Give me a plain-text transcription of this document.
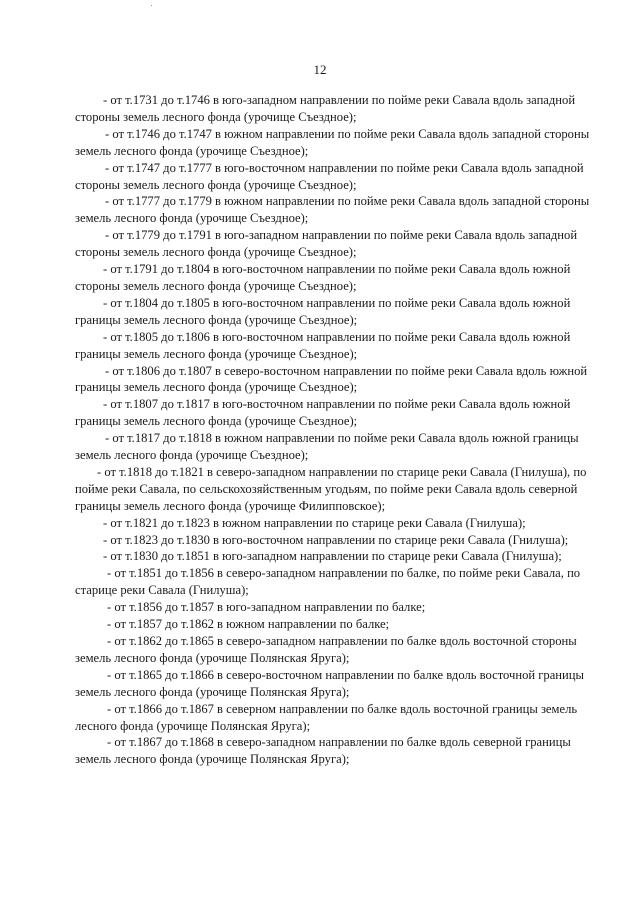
12

- от т.1731 до т.1746 в юго-западном направлении по пойме реки Савала вдоль западной стороны земель лесного фонда (урочище Съездное);

- от т.1746 до т.1747 в южном направлении по пойме реки Савала вдоль западной стороны земель лесного фонда (урочище Съездное);

- от т.1747 до т.1777 в юго-восточном направлении по пойме реки Савала вдоль западной стороны земель лесного фонда (урочище Съездное);

- от т.1777 до т.1779 в южном направлении по пойме реки Савала вдоль западной стороны земель лесного фонда (урочище Съездное);

- от т.1779 до т.1791 в юго-западном направлении по пойме реки Савала вдоль западной стороны земель лесного фонда (урочище Съездное);

- от т.1791 до т.1804 в юго-восточном направлении по пойме реки Савала вдоль южной стороны земель лесного фонда (урочище Съездное);

- от т.1804 до т.1805 в юго-восточном направлении по пойме реки Савала вдоль южной границы земель лесного фонда (урочище Съездное);

- от т.1805 до т.1806 в юго-восточном направлении по пойме реки Савала вдоль южной границы земель лесного фонда (урочище Съездное);

- от т.1806 до т.1807 в северо-восточном направлении по пойме реки Савала вдоль южной границы земель лесного фонда (урочище Съездное);

- от т.1807 до т.1817 в юго-восточном направлении по пойме реки Савала вдоль южной границы земель лесного фонда (урочище Съездное);

- от т.1817 до т.1818 в южном направлении по пойме реки Савала вдоль южной границы земель лесного фонда (урочище Съездное);

- от т.1818 до т.1821 в северо-западном направлении по старице реки Савала (Гнилуша), по пойме реки Савала, по сельскохозяйственным угодьям, по пойме реки Савала вдоль северной границы земель лесного фонда (урочище Филипповское);

- от т.1821 до т.1823 в южном направлении по старице реки Савала (Гнилуша);

- от т.1823 до т.1830 в юго-восточном направлении по старице реки Савала (Гнилуша);

- от т.1830 до т.1851 в юго-западном направлении по старице реки Савала (Гнилуша);

- от т.1851 до т.1856 в северо-западном направлении по балке, по пойме реки Савала, по старице реки Савала (Гнилуша);

- от т.1856 до т.1857 в юго-западном направлении по балке;

- от т.1857 до т.1862 в южном направлении по балке;

- от т.1862 до т.1865 в северо-западном направлении по балке вдоль восточной стороны земель лесного фонда (урочище Полянская Яруга);

- от т.1865 до т.1866 в северо-восточном направлении по балке вдоль восточной границы земель лесного фонда (урочище Полянская Яруга);

- от т.1866 до т.1867 в северном направлении по балке вдоль восточной границы земель лесного фонда (урочище Полянская Яруга);

- от т.1867 до т.1868 в северо-западном направлении по балке вдоль северной границы земель лесного фонда (урочище Полянская Яруга);
